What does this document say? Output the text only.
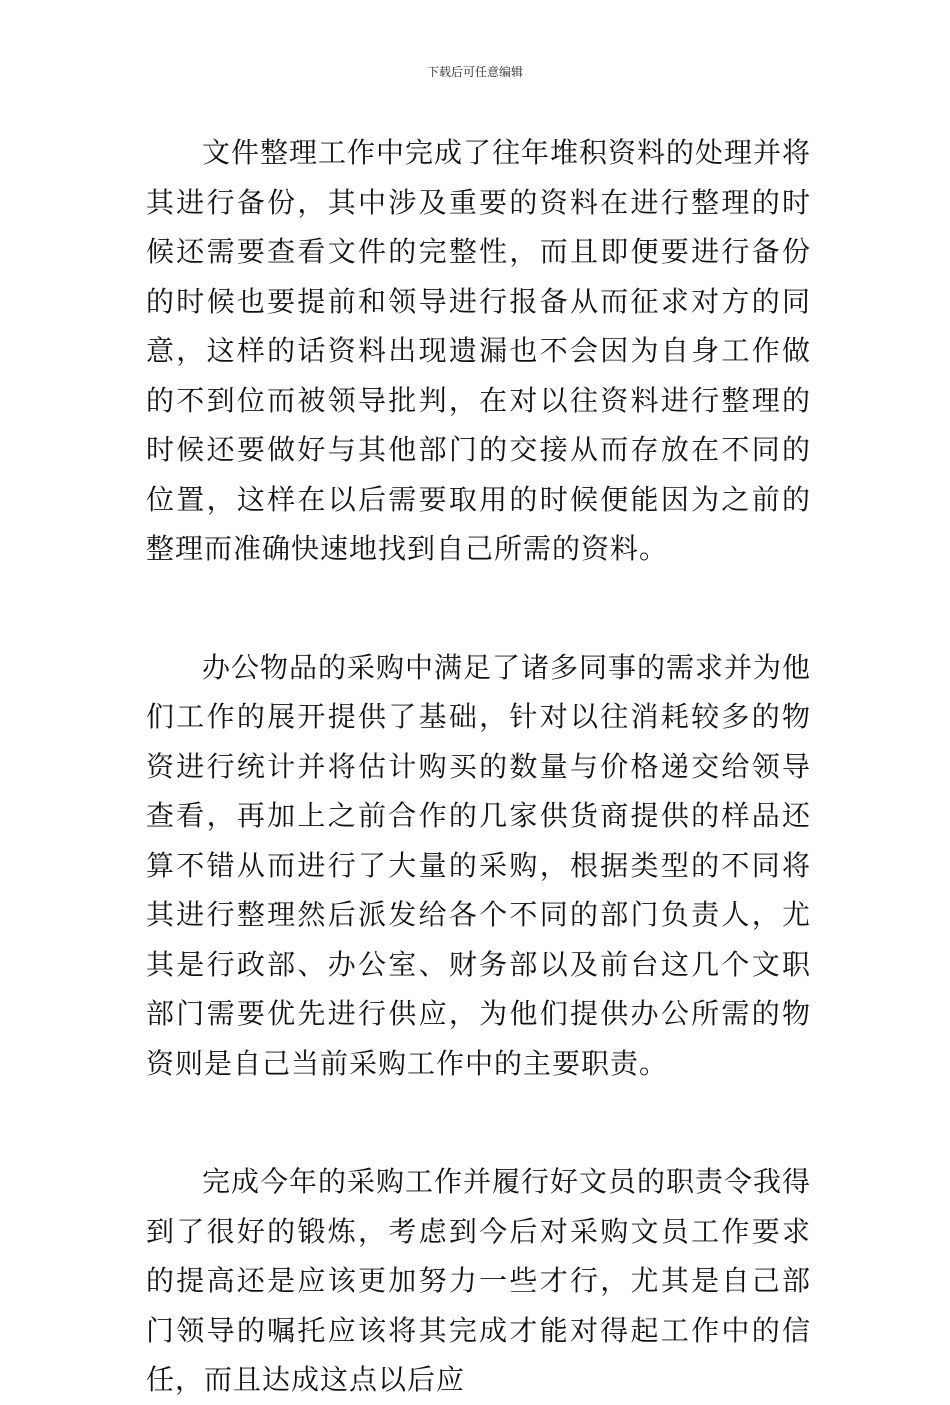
下载后可任意编辑

文件整理工作中完成了往年堆积资料的处理并将其进行备份，其中涉及重要的资料在进行整理的时候还需要查看文件的完整性，而且即便要进行备份的时候也要提前和领导进行报备从而征求对方的同意，这样的话资料出现遗漏也不会因为自身工作做的不到位而被领导批判，在对以往资料进行整理的时候还要做好与其他部门的交接从而存放在不同的位置，这样在以后需要取用的时候便能因为之前的整理而准确快速地找到自己所需的资料。

办公物品的采购中满足了诸多同事的需求并为他们工作的展开提供了基础，针对以往消耗较多的物资进行统计并将估计购买的数量与价格递交给领导查看，再加上之前合作的几家供货商提供的样品还算不错从而进行了大量的采购，根据类型的不同将其进行整理然后派发给各个不同的部门负责人，尤其是行政部、办公室、财务部以及前台这几个文职部门需要优先进行供应，为他们提供办公所需的物资则是自己当前采购工作中的主要职责。

完成今年的采购工作并履行好文员的职责令我得到了很好的锻炼，考虑到今后对采购文员工作要求的提高还是应该更加努力一些才行，尤其是自己部门领导的嘱托应该将其完成才能对得起工作中的信任，而且达成这点以后应
